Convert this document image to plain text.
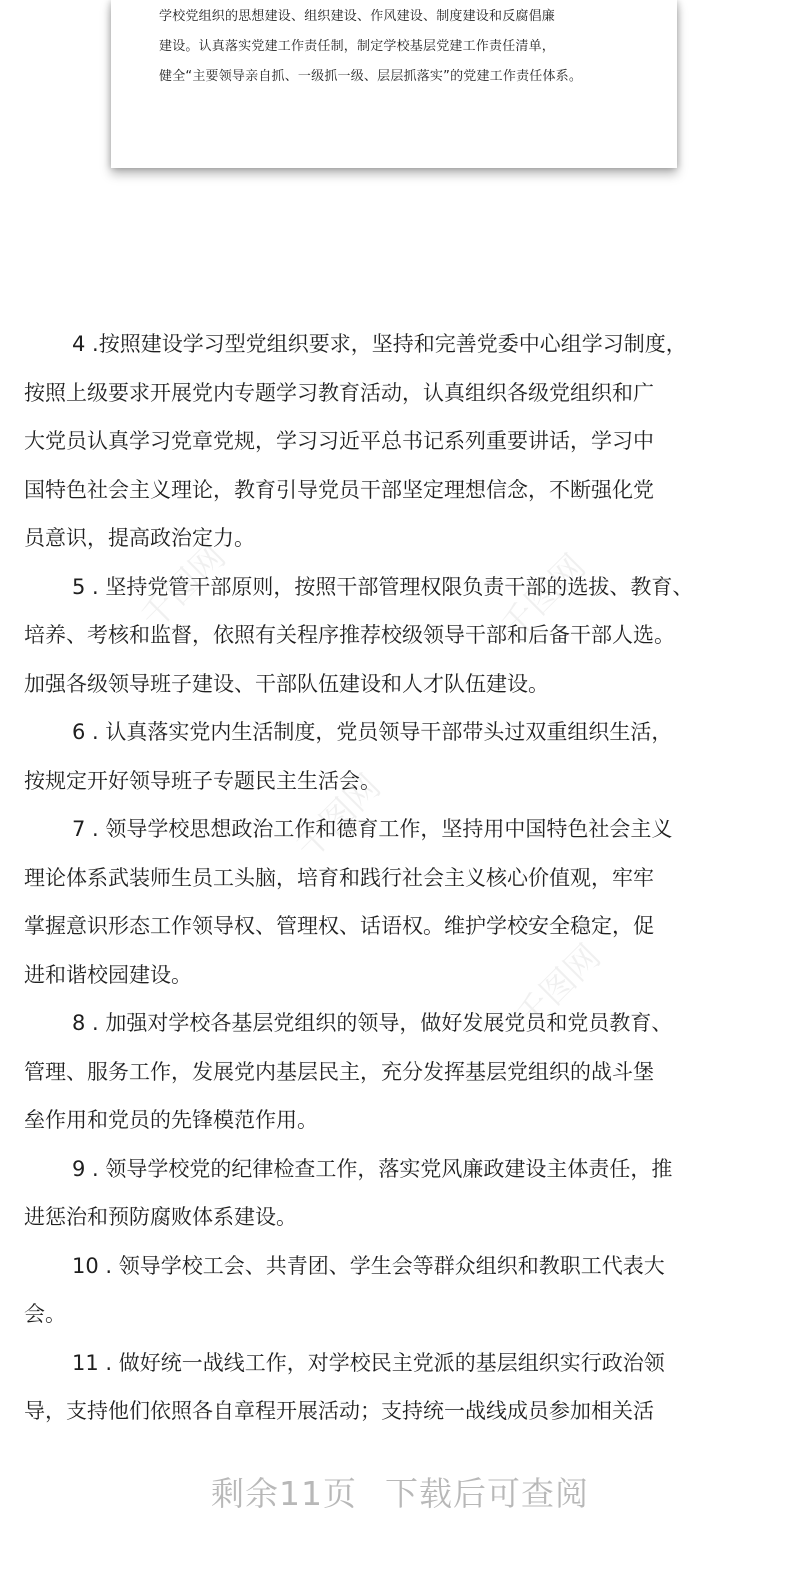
学校党组织的思想建设、组织建设、作风建设、制度建设和反腐倡廉
建设。认真落实党建工作责任制，制定学校基层党建工作责任清单，
健全“主要领导亲自抓、一级抓一级、层层抓落实”的党建工作责任体系。
千图网	千图网
千图网
千图网
4 .按照建设学习型党组织要求，坚持和完善党委中心组学习制度，
按照上级要求开展党内专题学习教育活动，认真组织各级党组织和广
大党员认真学习党章党规，学习习近平总书记系列重要讲话，学习中
国特色社会主义理论，教育引导党员干部坚定理想信念，不断强化党
员意识，提高政治定力。
5 . 坚持党管干部原则，按照干部管理权限负责干部的选拔、教育、
培养、考核和监督，依照有关程序推荐校级领导干部和后备干部人选。
加强各级领导班子建设、干部队伍建设和人才队伍建设。
6 . 认真落实党内生活制度，党员领导干部带头过双重组织生活，
按规定开好领导班子专题民主生活会。
7 . 领导学校思想政治工作和德育工作，坚持用中国特色社会主义
理论体系武装师生员工头脑，培育和践行社会主义核心价值观，牢牢
掌握意识形态工作领导权、管理权、话语权。维护学校安全稳定，促
进和谐校园建设。
8 . 加强对学校各基层党组织的领导，做好发展党员和党员教育、
管理、服务工作，发展党内基层民主，充分发挥基层党组织的战斗堡
垒作用和党员的先锋模范作用。
9 . 领导学校党的纪律检查工作，落实党风廉政建设主体责任，推
进惩治和预防腐败体系建设。
10 . 领导学校工会、共青团、学生会等群众组织和教职工代表大
会。
11 . 做好统一战线工作，对学校民主党派的基层组织实行政治领
导，支持他们依照各自章程开展活动；支持统一战线成员参加相关活
剩余11页 下载后可查阅
